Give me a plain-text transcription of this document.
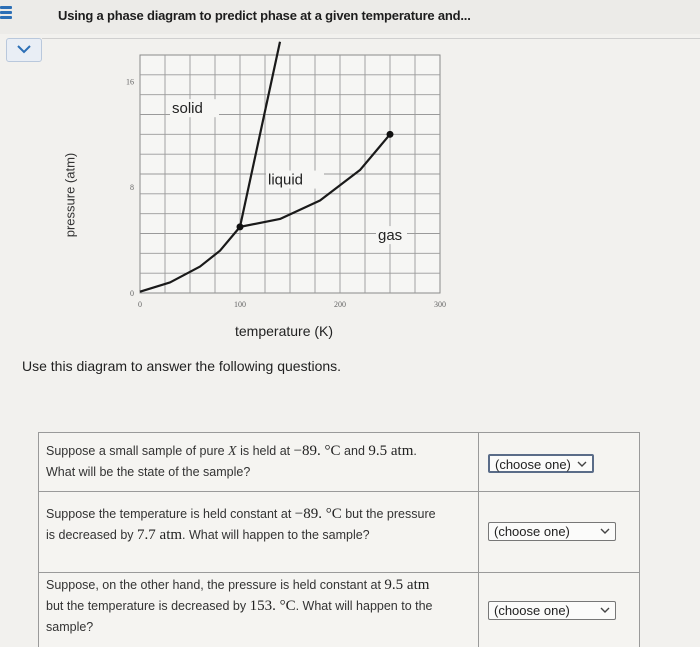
Using a phase diagram to predict phase at a given temperature and...
pressure (atm)
0	100	200	300
0
8
16
solid
liquid
gas
temperature (K)
Use this diagram to answer the following questions.
Suppose a small sample of pure X is held at −89. °C and 9.5 atm.
What will be the state of the sample?	(choose one)
Suppose the temperature is held constant at −89. °C but the pressure
is decreased by 7.7 atm. What will happen to the sample?	(choose one)
Suppose, on the other hand, the pressure is held constant at 9.5 atm
but the temperature is decreased by 153. °C. What will happen to the
sample?
(choose one)
